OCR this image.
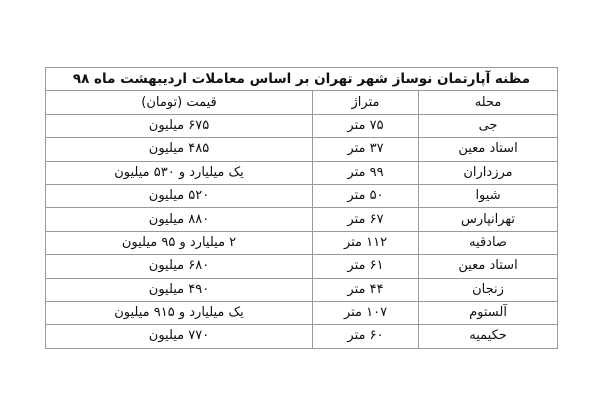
مظنه آپارتمان نوساز شهر تهران بر اساس معاملات اردیبهشت ماه ۹۸		
محله	متراژ	قیمت (تومان)
جی	۷۵ متر	۶۷۵ میلیون
استاد معین	۳۷ متر	۴۸۵ میلیون
مرزداران	۹۹ متر	یک میلیارد و ۵۳۰ میلیون
شیوا	۵۰ متر	۵۲۰ میلیون
تهرانپارس	۶۷ متر	۸۸۰ میلیون
صادقیه	۱۱۲ متر	۲ میلیارد و ۹۵ میلیون
استاد معین	۶۱ متر	۶۸۰ میلیون
زنجان	۴۴ متر	۴۹۰ میلیون
آلستوم	۱۰۷ متر	یک میلیارد و ۹۱۵ میلیون
حکیمیه	۶۰ متر	۷۷۰ میلیون
